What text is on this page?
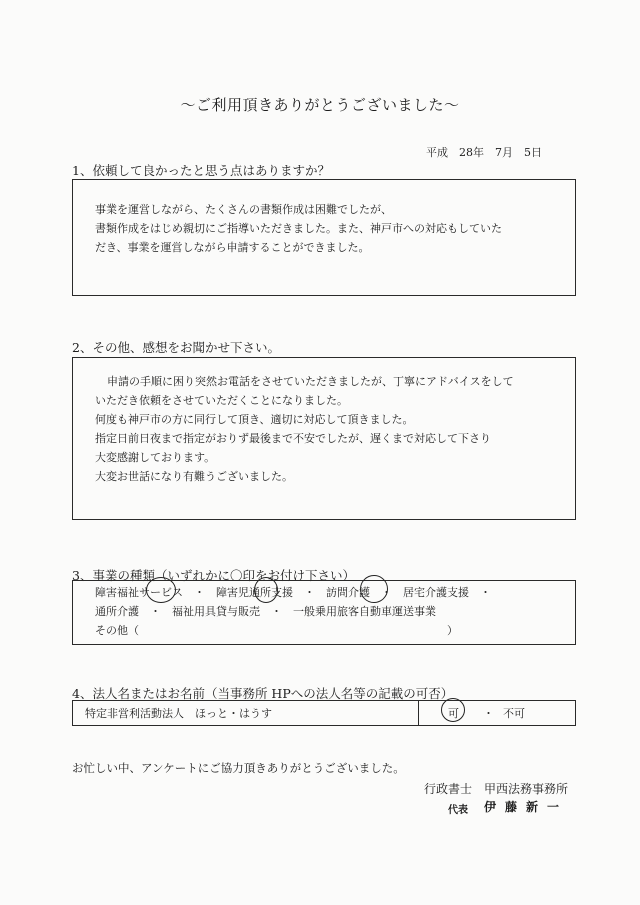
～ご利用頂きありがとうございました～
平成　28年　7月　5日
1、依頼して良かったと思う点はありますか？

事業を運営しながら、たくさんの書類作成は困難でしたが、

書類作成をはじめ親切にご指導いただきました。また、神戸市への対応もしていた

だき、事業を運営しながら申請することができました。

2、その他、感想をお聞かせ下さい。

申請の手順に困り突然お電話をさせていただきましたが、丁寧にアドバイスをして

いただき依頼をさせていただくことになりました。

何度も神戸市の方に同行して頂き、適切に対応して頂きました。

指定日前日夜まで指定がおりず最後まで不安でしたが、遅くまで対応して下さり

大変感謝しております。

大変お世話になり有難うございました。

3、事業の種類（いずれかに〇印をお付け下さい）

障害福祉サービス　・　障害児通所支援　・　訪問介護　・　居宅介護支援　・

通所介護　・　福祉用具貸与販売　・　一般乗用旅客自動車運送事業

その他（　　　　　　　　　　　　　　　　　　　　　　　　　　　　）

4、法人名またはお名前（当事務所 HPへの法人名等の記載の可否）
特定非営利活動法人　ほっと・はうす	可 ・ 不可
お忙しい中、アンケートにご協力頂きありがとうございました。
行政書士　甲西法務事務所
代表 伊藤新一
